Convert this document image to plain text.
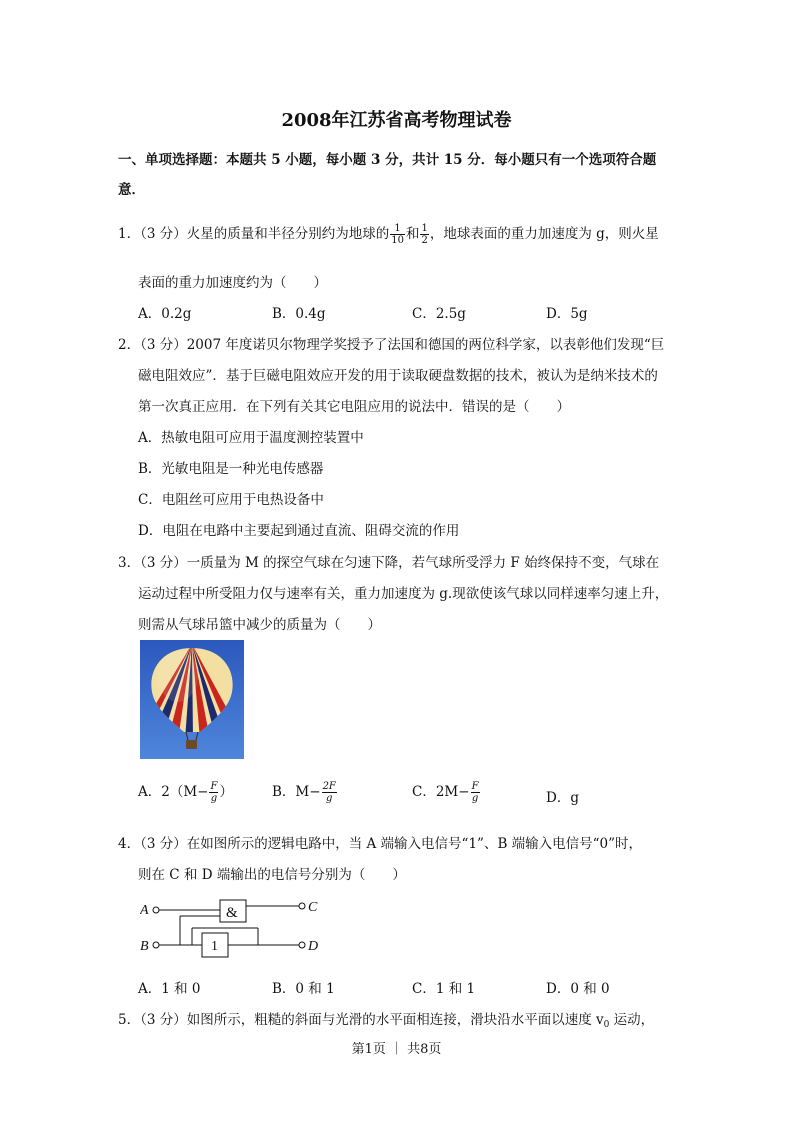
2008年江苏省高考物理试卷
一、单项选择题：本题共 5 小题，每小题 3 分，共计 15 分．每小题只有一个选项符合题
意．
1．（3 分）火星的质量和半径分别约为地球的 $\frac{1}{10}$ 和 $\frac{1}{2}$ ，地球表面的重力加速度为 g，则火星
表面的重力加速度约为（　　）
A．0.2g	B．0.4g	C．2.5g	D．5g
2．（3 分）2007 年度诺贝尔物理学奖授予了法国和德国的两位科学家，以表彰他们发现“巨
磁电阻效应”．基于巨磁电阻效应开发的用于读取硬盘数据的技术，被认为是纳米技术的
第一次真正应用．在下列有关其它电阻应用的说法中．错误的是（　　）
A．热敏电阻可应用于温度测控装置中
B．光敏电阻是一种光电传感器
C．电阻丝可应用于电热设备中
D．电阻在电路中主要起到通过直流、阻碍交流的作用
3．（3 分）一质量为 M 的探空气球在匀速下降，若气球所受浮力 F 始终保持不变，气球在
运动过程中所受阻力仅与速率有关，重力加速度为 g.现欲使该气球以同样速率匀速上升，
则需从气球吊篮中减少的质量为（　　）
A．$2(M- \frac{F}{g}$ ）	B．$M- \frac{2F}{g}$	C．$2M- \frac{F}{g}$	D．g
4．（3 分）在如图所示的逻辑电路中，当 A 端输入电信号“1”、B 端输入电信号“0”时，
则在 C 和 D 端输出的电信号分别为（　　）
A
B
C
D
&
1
A．1 和 0	B．0 和 1	C．1 和 1	D．0 和 0
5．（3 分）如图所示，粗糙的斜面与光滑的水平面相连接，滑块沿水平面以速度 $v_0$ 运动，
第1页 ｜ 共8页
